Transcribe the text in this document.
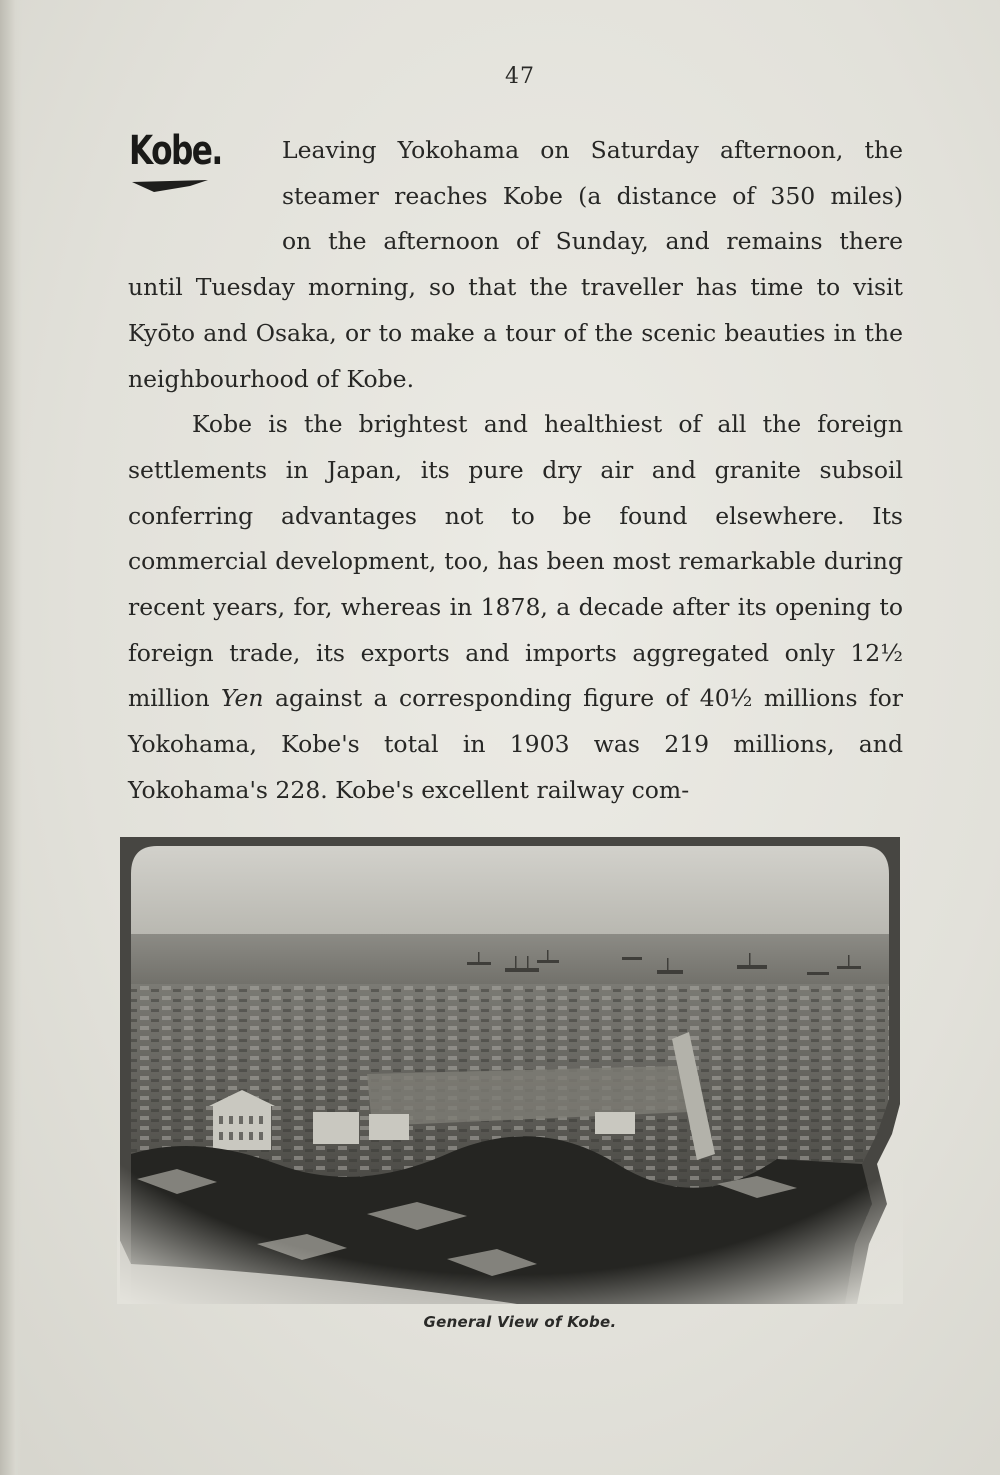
47
Kobe.	Leaving Yokohama on Saturday afternoon, the
steamer reaches Kobe (a distance of 350 miles)
on the afternoon of Sunday, and remains there
until Tuesday morning, so that the traveller has time to visit Kyōto and Osaka, or to make a tour of the scenic beauties in the neighbourhood of Kobe.

Kobe is the brightest and healthiest of all the foreign settlements in Japan, its pure dry air and granite subsoil conferring advantages not to be found elsewhere. Its commercial development, too, has been most remarkable during recent years, for, whereas in 1878, a decade after its opening to foreign trade, its exports and imports aggregated only 12½ million Yen against a corresponding figure of 40½ millions for Yokohama, Kobe's total in 1903 was 219 millions, and Yokohama's 228. Kobe's excellent railway com-

General View of Kobe.
